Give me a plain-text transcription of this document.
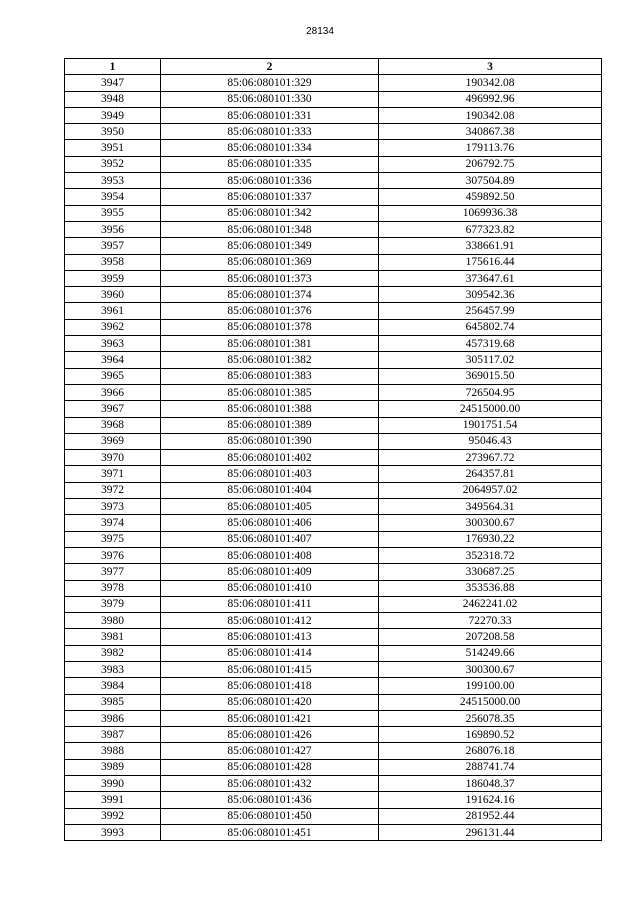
28134
1	2	3
3947	85:06:080101:329	190342.08
3948	85:06:080101:330	496992.96
3949	85:06:080101:331	190342.08
3950	85:06:080101:333	340867.38
3951	85:06:080101:334	179113.76
3952	85:06:080101:335	206792.75
3953	85:06:080101:336	307504.89
3954	85:06:080101:337	459892.50
3955	85:06:080101:342	1069936.38
3956	85:06:080101:348	677323.82
3957	85:06:080101:349	338661.91
3958	85:06:080101:369	175616.44
3959	85:06:080101:373	373647.61
3960	85:06:080101:374	309542.36
3961	85:06:080101:376	256457.99
3962	85:06:080101:378	645802.74
3963	85:06:080101:381	457319.68
3964	85:06:080101:382	305117.02
3965	85:06:080101:383	369015.50
3966	85:06:080101:385	726504.95
3967	85:06:080101:388	24515000.00
3968	85:06:080101:389	1901751.54
3969	85:06:080101:390	95046.43
3970	85:06:080101:402	273967.72
3971	85:06:080101:403	264357.81
3972	85:06:080101:404	2064957.02
3973	85:06:080101:405	349564.31
3974	85:06:080101:406	300300.67
3975	85:06:080101:407	176930.22
3976	85:06:080101:408	352318.72
3977	85:06:080101:409	330687.25
3978	85:06:080101:410	353536.88
3979	85:06:080101:411	2462241.02
3980	85:06:080101:412	72270.33
3981	85:06:080101:413	207208.58
3982	85:06:080101:414	514249.66
3983	85:06:080101:415	300300.67
3984	85:06:080101:418	199100.00
3985	85:06:080101:420	24515000.00
3986	85:06:080101:421	256078.35
3987	85:06:080101:426	169890.52
3988	85:06:080101:427	268076.18
3989	85:06:080101:428	288741.74
3990	85:06:080101:432	186048.37
3991	85:06:080101:436	191624.16
3992	85:06:080101:450	281952.44
3993	85:06:080101:451	296131.44
